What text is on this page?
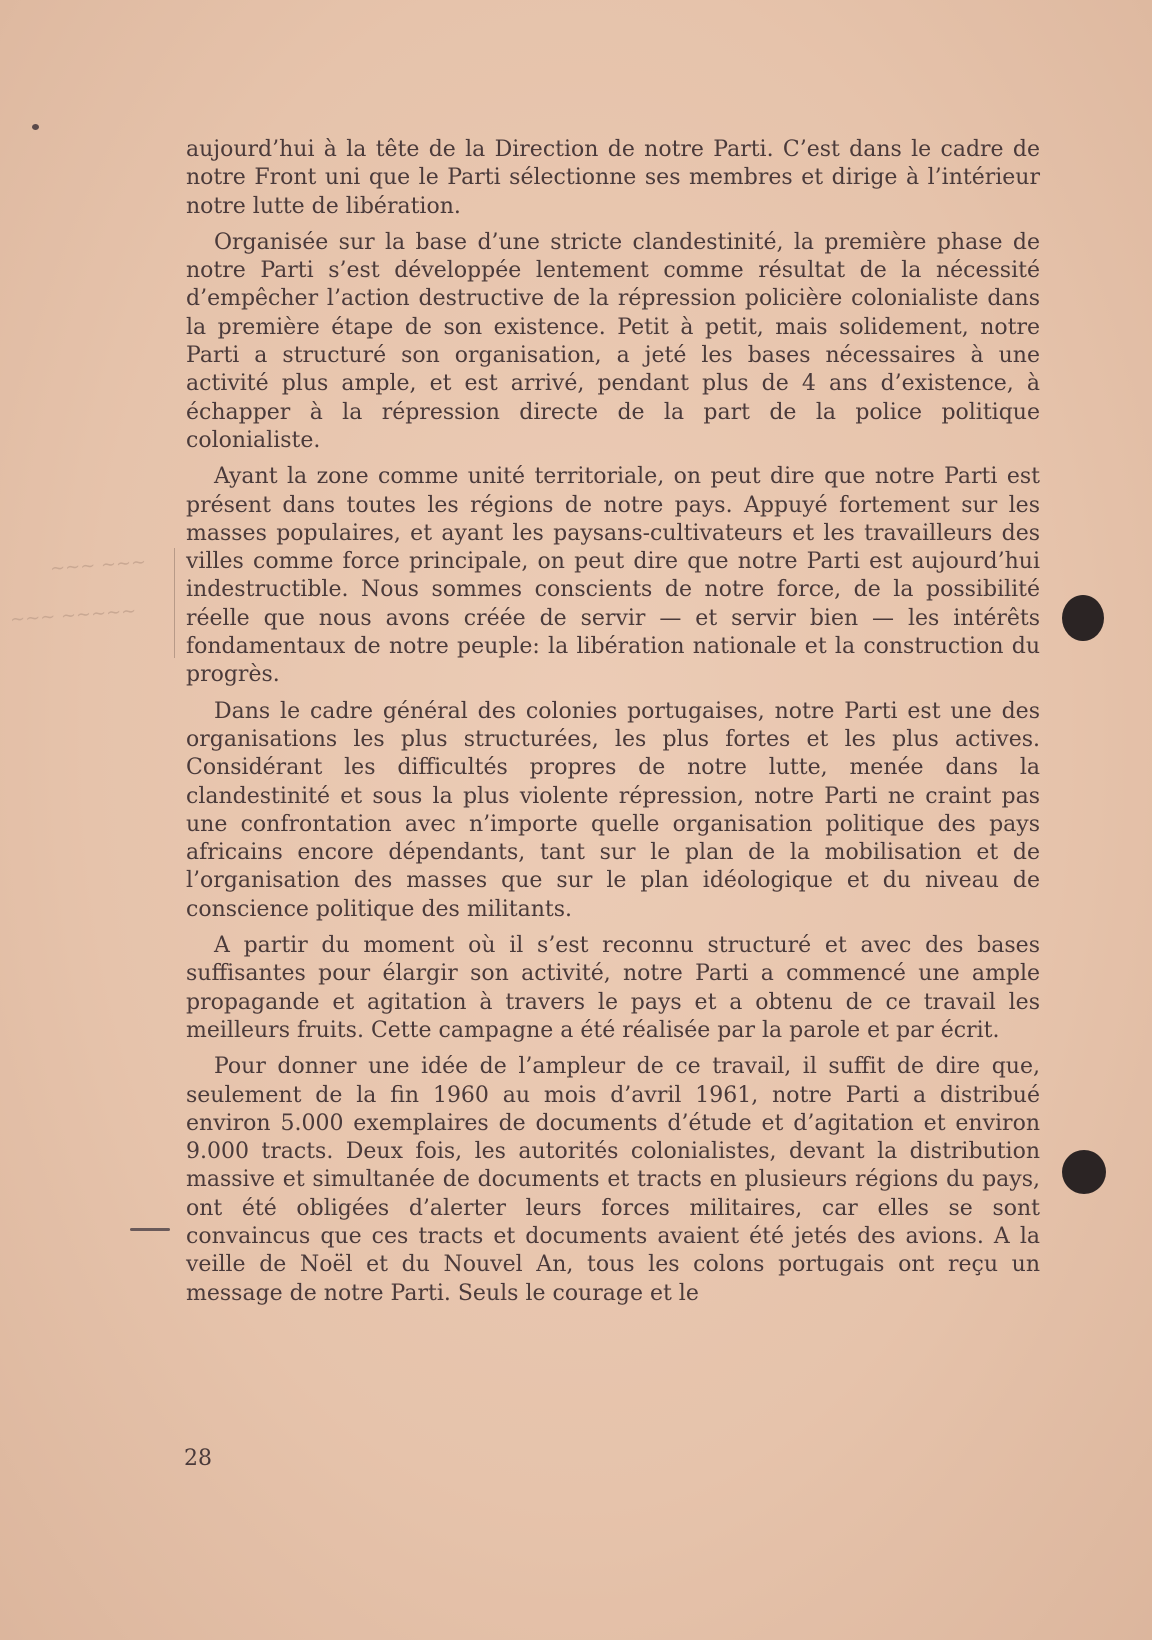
aujourd’hui à la tête de la Direction de notre Parti. C’est dans le cadre de notre Front uni que le Parti sélectionne ses membres et dirige à l’intérieur notre lutte de libération.

Organisée sur la base d’une stricte clandestinité, la première phase de notre Parti s’est développée lentement comme résultat de la nécessité d’empêcher l’action destructive de la répression policière colonialiste dans la première étape de son existence. Petit à petit, mais solidement, notre Parti a structuré son organisation, a jeté les bases nécessaires à une activité plus ample, et est arrivé, pendant plus de 4 ans d’existence, à échapper à la répression directe de la part de la police politique colonialiste.

Ayant la zone comme unité territoriale, on peut dire que notre Parti est présent dans toutes les régions de notre pays. Appuyé fortement sur les masses populaires, et ayant les paysans-cultivateurs et les travailleurs des villes comme force principale, on peut dire que notre Parti est aujourd’hui indestructible. Nous sommes conscients de notre force, de la possibilité réelle que nous avons créée de servir — et servir bien — les intérêts fondamentaux de notre peuple: la libération nationale et la construction du progrès.

Dans le cadre général des colonies portugaises, notre Parti est une des organisations les plus structurées, les plus fortes et les plus actives. Considérant les difficultés propres de notre lutte, menée dans la clandestinité et sous la plus violente répression, notre Parti ne craint pas une confrontation avec n’importe quelle organisation politique des pays africains encore dépendants, tant sur le plan de la mobilisation et de l’organisation des masses que sur le plan idéologique et du niveau de conscience politique des militants.

A partir du moment où il s’est reconnu structuré et avec des bases suffisantes pour élargir son activité, notre Parti a commencé une ample propagande et agitation à travers le pays et a obtenu de ce travail les meilleurs fruits. Cette campagne a été réalisée par la parole et par écrit.

Pour donner une idée de l’ampleur de ce travail, il suffit de dire que, seulement de la fin 1960 au mois d’avril 1961, notre Parti a distribué environ 5.000 exemplaires de documents d’étude et d’agitation et environ 9.000 tracts. Deux fois, les autorités colonialistes, devant la distribution massive et simultanée de documents et tracts en plusieurs régions du pays, ont été obligées d’alerter leurs forces militaires, car elles se sont convaincus que ces tracts et documents avaient été jetés des avions. A la veille de Noël et du Nouvel An, tous les colons portugais ont reçu un message de notre Parti. Seuls le courage et le

28
~~~ ~~~
~~~ ~~~~~
